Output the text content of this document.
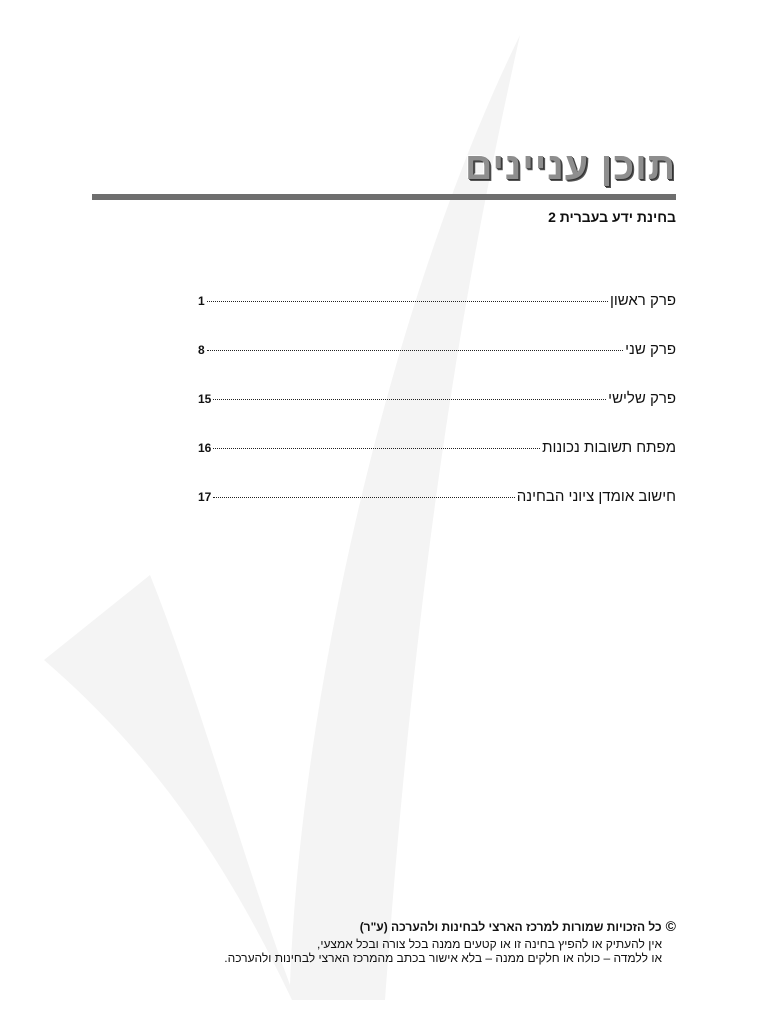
תוכן עניינים
בחינת ידע בעברית 2
פרק ראשון
1
פרק שני
8
פרק שלישי
15
מפתח תשובות נכונות
16
חישוב אומדן ציוני הבחינה
17

©כל הזכויות שמורות למרכז הארצי לבחינות ולהערכה (ע"ר)

אין להעתיק או להפיץ בחינה זו או קטעים ממנה בכל צורה ובכל אמצעי,

או ללמדה – כולה או חלקים ממנה – בלא אישור בכתב מהמרכז הארצי לבחינות ולהערכה.
